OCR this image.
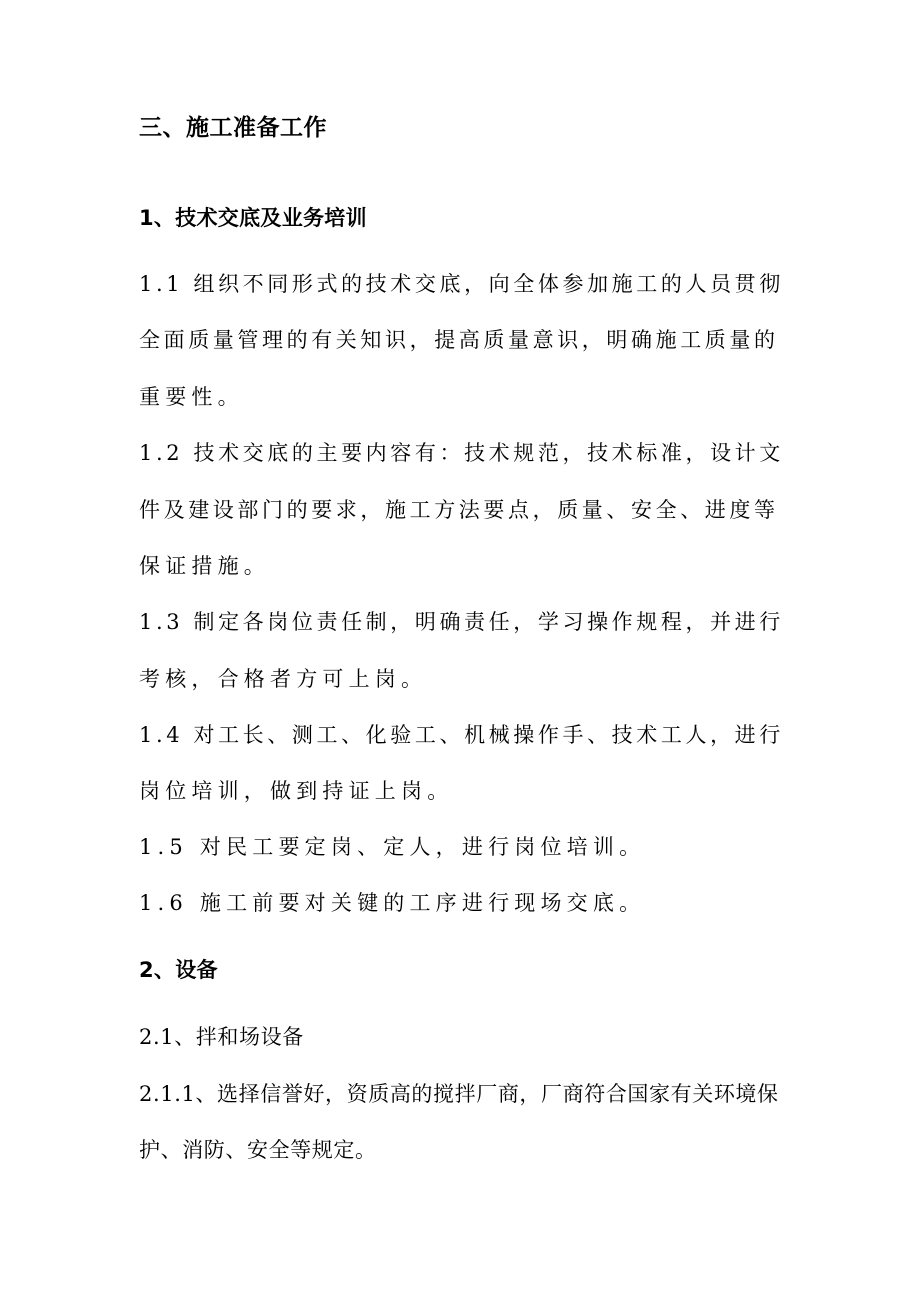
三、施工准备工作
1、技术交底及业务培训
1.1 组织不同形式的技术交底，向全体参加施工的人员贯彻
全面质量管理的有关知识，提高质量意识，明确施工质量的
重要性。
1.2 技术交底的主要内容有：技术规范，技术标准，设计文
件及建设部门的要求，施工方法要点，质量、安全、进度等
保证措施。
1.3 制定各岗位责任制，明确责任，学习操作规程，并进行
考核，合格者方可上岗。
1.4 对工长、测工、化验工、机械操作手、技术工人，进行
岗位培训，做到持证上岗。
1.5 对民工要定岗、定人，进行岗位培训。
1.6 施工前要对关键的工序进行现场交底。
2、设备
2.1、拌和场设备
2.1.1、选择信誉好，资质高的搅拌厂商，厂商符合国家有关环境保
护、消防、安全等规定。
